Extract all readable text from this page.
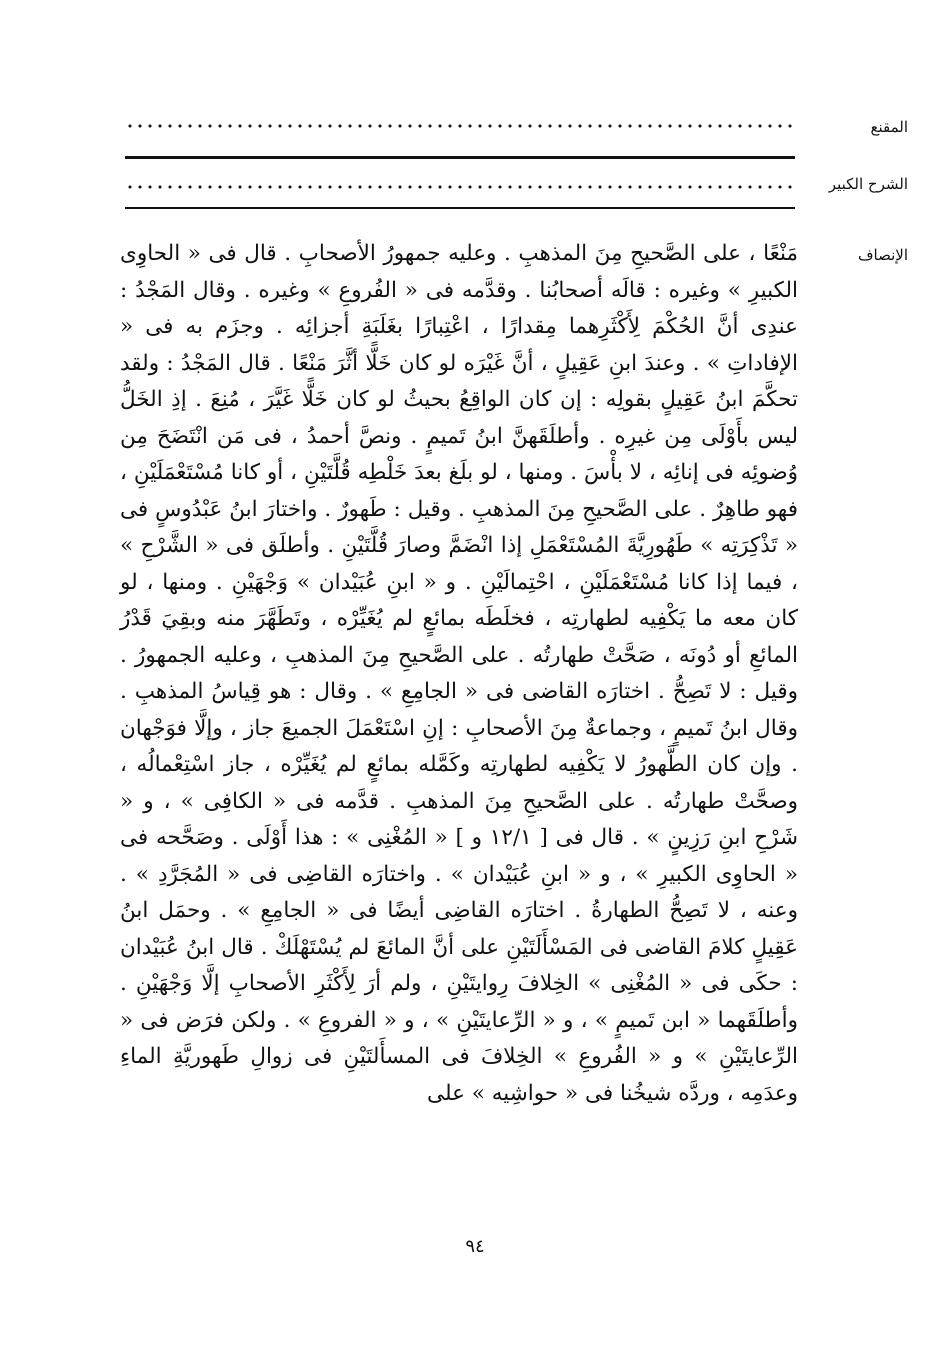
المقنع
الشرح الكبير
الإنصاف

مَنْعًا ، على الصَّحيحِ مِنَ المذهبِ . وعليه جمهورُ الأصحابِ . قال فى « الحاوِى الكبيرِ » وغيره : قالَه أصحابُنا . وقدَّمه فى « الفُروعِ » وغيره . وقال المَجْدُ : عندِى أنَّ الحُكْمَ لِأَكْثَرِهما مِقدارًا ، اعْتِبارًا بغَلَبَةِ أجزائِه . وجزَم به فى « الإفاداتِ » . وعندَ ابنِ عَقِيلٍ ، أنَّ غَيْرَه لو كان خَلًّا أثَّرَ مَنْعًا . قال المَجْدُ : ولقد تحكَّمَ ابنُ عَقِيلٍ بقولِه : إن كان الواقِعُ بحيثُ لو كان خَلًّا غَيَّرَ ، مُنِعَ . إذِ الخَلُّ ليس بأَوْلَى مِن غيرِه . وأطلَقَهنَّ ابنُ تَميمٍ . ونصَّ أحمدُ ، فى مَن انْتَضَحَ مِن وُضوئِه فى إنائِه ، لا بأْسَ . ومنها ، لو بلَغ بعدَ خَلْطِه قُلَّتَيْنِ ، أو كانا مُسْتَعْمَلَيْنِ ، فهو طاهِرٌ . على الصَّحيحِ مِنَ المذهبِ . وقيل : طَهورٌ . واختارَ ابنُ عَبْدُوسٍ فى « تَذْكِرَتِه » طَهُورِيَّةَ المُسْتَعْمَلِ إذا انْضَمَّ وصارَ قُلَّتَيْنِ . وأطلَق فى « الشَّرْحِ » ، فيما إذا كانا مُسْتَعْمَلَيْنِ ، احْتِمالَيْنِ . و « ابنِ عُبَيْدان » وَجْهَيْنِ . ومنها ، لو كان معه ما يَكْفِيه لطهارتِه ، فخلَطَه بمائعٍ لم يُغَيِّرْه ، وتَطَهَّرَ منه وبقِيَ قَدْرُ المائعِ أو دُونَه ، صَحَّتْ طهارتُه . على الصَّحيحِ مِنَ المذهبِ ، وعليه الجمهورُ . وقيل : لا تَصِحُّ . اختارَه القاضى فى « الجامِعِ » . وقال : هو قِياسُ المذهبِ . وقال ابنُ تَميمٍ ، وجماعةٌ مِنَ الأصحابِ : إنِ اسْتَعْمَلَ الجميعَ جاز ، وإلَّا فوَجْهان . وإن كان الطَّهورُ لا يَكْفِيه لطهارتِه وكَمَّله بمائعٍ لم يُغَيِّرْه ، جاز اسْتِعْمالُه ، وصحَّتْ طهارتُه . على الصَّحيحِ مِنَ المذهبِ . قدَّمه فى « الكافِى » ، و « شَرْحِ ابنِ رَزِينٍ » . قال فى [ ١٢/١ و ] « المُغْنِى » : هذا أَوْلَى . وصَحَّحه فى « الحاوِى الكبيرِ » ، و « ابنِ عُبَيْدان » . واختارَه القاضِى فى « المُجَرَّدِ » . وعنه ، لا تَصِحُّ الطهارةُ . اختارَه القاضِى أيضًا فى « الجامِعِ » . وحمَل ابنُ عَقِيلٍ كلامَ القاضى فى المَسْأَلَتَيْنِ على أنَّ المائعَ لم يُسْتَهْلَكْ . قال ابنُ عُبَيْدان : حكَى فى « المُغْنِى » الخِلافَ رِوايتَيْنِ ، ولم أرَ لِأَكْثَرِ الأصحابِ إلَّا وَجْهَيْنِ . وأطلَقَهما « ابن تَميمٍ » ، و « الرِّعايتَيْنِ » ، و « الفروعِ » . ولكن فرَض فى « الرِّعايتَيْنِ » و « الفُروعِ » الخِلافَ فى المسأَلتَيْنِ فى زوالِ طَهوريَّةِ الماءِ وعدَمِه ، وردَّه شيخُنا فى « حواشِيه » على

٩٤
